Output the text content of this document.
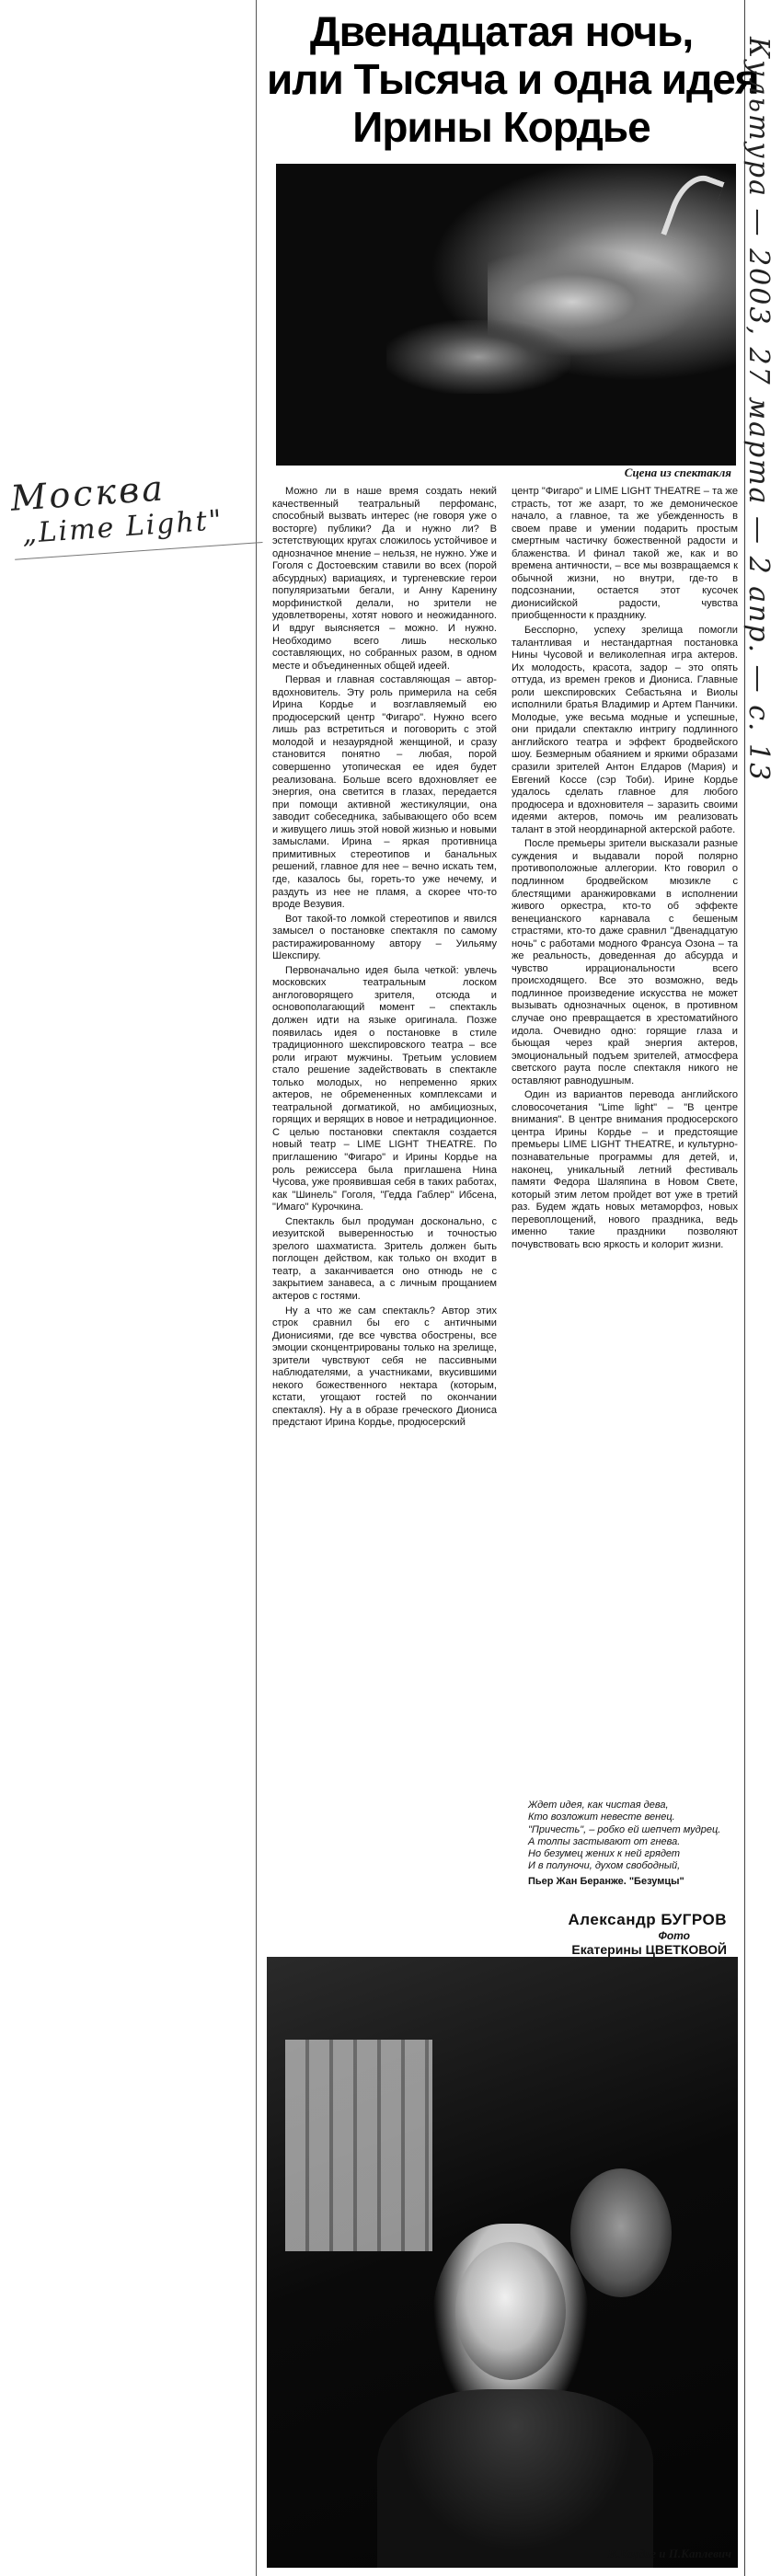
Двенадцатая ночь,
или Тысяча и одна идея
Ирины Кордье
Сцена из спектакля

Можно ли в наше время создать некий качественный театральный перфоманс, способный вызвать интерес (не говоря уже о восторге) публики? Да и нужно ли? В эстетствующих кругах сложилось устойчивое и однозначное мнение – нельзя, не нужно. Уже и Гоголя с Достоевским ставили во всех (порой абсурдных) вариациях, и тургеневские герои популяризатьми бегали, и Анну Каренину морфинисткой делали, но зрители не удовлетворены, хотят нового и неожиданного. И вдруг выясняется – можно. И нужно. Необходимо всего лишь несколько составляющих, но собранных разом, в одном месте и объединенных общей идеей.

Первая и главная составляющая – автор-вдохновитель. Эту роль примерила на себя Ирина Кордье и возглавляемый ею продюсерский центр "Фигаро". Нужно всего лишь раз встретиться и поговорить с этой молодой и незаурядной женщиной, и сразу становится понятно – любая, порой совершенно утопическая ее идея будет реализована. Больше всего вдохновляет ее энергия, она светится в глазах, передается при помощи активной жестикуляции, она заводит собеседника, забывающего обо всем и живущего лишь этой новой жизнью и новыми замыслами. Ирина – яркая противница примитивных стереотипов и банальных решений, главное для нее – вечно искать тем, где, казалось бы, гореть-то уже нечему, и раздуть из нее не пламя, а скорее что-то вроде Везувия.

Вот такой-то ломкой стереотипов и явился замысел о постановке спектакля по самому растиражированному автору – Уильяму Шекспиру.

Первоначально идея была четкой: увлечь московских театральным лоском англоговорящего зрителя, отсюда и основополагающий момент – спектакль должен идти на языке оригинала. Позже появилась идея о постановке в стиле традиционного шекспировского театра – все роли играют мужчины. Третьим условием стало решение задействовать в спектакле только молодых, но непременно ярких актеров, не обремененных комплексами и театральной догматикой, но амбициозных, горящих и верящих в новое и нетрадиционное. С целью постановки спектакля создается новый театр – LIME LIGHT THEATRE. По приглашению "Фигаро" и Ирины Кордье на роль режиссера была приглашена Нина Чусова, уже проявившая себя в таких работах, как "Шинель" Гоголя, "Гедда Габлер" Ибсена, "Имаго" Курочкина.

Спектакль был продуман досконально, с иезуитской выверенностью и точностью зрелого шахматиста. Зритель должен быть поглощен действом, как только он входит в театр, а заканчивается оно отнюдь не с закрытием занавеса, а с личным прощанием актеров с гостями.

Ну а что же сам спектакль? Автор этих строк сравнил бы его с античными Дионисиями, где все чувства обострены, все эмоции сконцентрированы только на зрелище, зрители чувствуют себя не пассивными наблюдателями, а участниками, вкусившими некого божественного нектара (которым, кстати, угощают гостей по окончании спектакля). Ну а в образе греческого Диониса предстают Ирина Кордье, продюсерский

центр "Фигаро" и LIME LIGHT THEATRE – та же страсть, тот же азарт, то же демоническое начало, а главное, та же убежденность в своем праве и умении подарить простым смертным частичку божественной радости и блаженства. И финал такой же, как и во времена античности, – все мы возвращаемся к обычной жизни, но внутри, где-то в подсознании, остается этот кусочек дионисийской радости, чувства приобщенности к празднику.

Бесспорно, успеху зрелища помогли талантливая и нестандартная постановка Нины Чусовой и великолепная игра актеров. Их молодость, красота, задор – это опять оттуда, из времен греков и Диониса. Главные роли шекспировских Себастьяна и Виолы исполнили братья Владимир и Артем Панчики. Молодые, уже весьма модные и успешные, они придали спектаклю интригу подлинного английского театра и эффект бродвейского шоу. Безмерным обаянием и яркими образами сразили зрителей Антон Елдаров (Мария) и Евгений Коссе (сэр Тоби). Ирине Кордье удалось сделать главное для любого продюсера и вдохновителя – заразить своими идеями актеров, помочь им реализовать талант в этой неординарной актерской работе.

После премьеры зрители высказали разные суждения и выдавали порой полярно противоположные аллегории. Кто говорил о подлинном бродвейском мюзикле с блестящими аранжировками в исполнении живого оркестра, кто-то об эффекте венецианского карнавала с бешеным страстями, кто-то даже сравнил "Двенадцатую ночь" с работами модного Франсуа Озона – та же реальность, доведенная до абсурда и чувство иррациональности всего происходящего. Все это возможно, ведь подлинное произведение искусства не может вызывать однозначных оценок, в противном случае оно превращается в хрестоматийного идола. Очевидно одно: горящие глаза и бьющая через край энергия актеров, эмоциональный подъем зрителей, атмосфера светского раута после спектакля никого не оставляют равнодушным.

Один из вариантов перевода английского словосочетания "Lime light" – "В центре внимания". В центре внимания продюсерского центра Ирины Кордье – и предстоящие премьеры LIME LIGHT THEATRE, и культурно-познавательные программы для детей, и, наконец, уникальный летний фестиваль памяти Федора Шаляпина в Новом Свете, который этим летом пройдет вот уже в третий раз. Будем ждать новых метаморфоз, новых перевоплощений, нового праздника, ведь именно такие праздники позволяют почувствовать всю яркость и колорит жизни.

Ждет идея, как чистая дева,
Кто возложит невесте венец.
"Причесть", – робко ей шепчет мудрец.
А толпы застывают от гнева.
Но безумец жених к ней грядет
И в полуночи, духом свободный,
Пьер Жан Беранже. "Безумцы"
Александр БУГРОВ
Фото
Екатерины ЦВЕТКОВОЙ
И.Кордье и П.Каплевич
Москва
„Lime Light"	Культура — 2003, 27 марта — 2 апр. — с. 13
